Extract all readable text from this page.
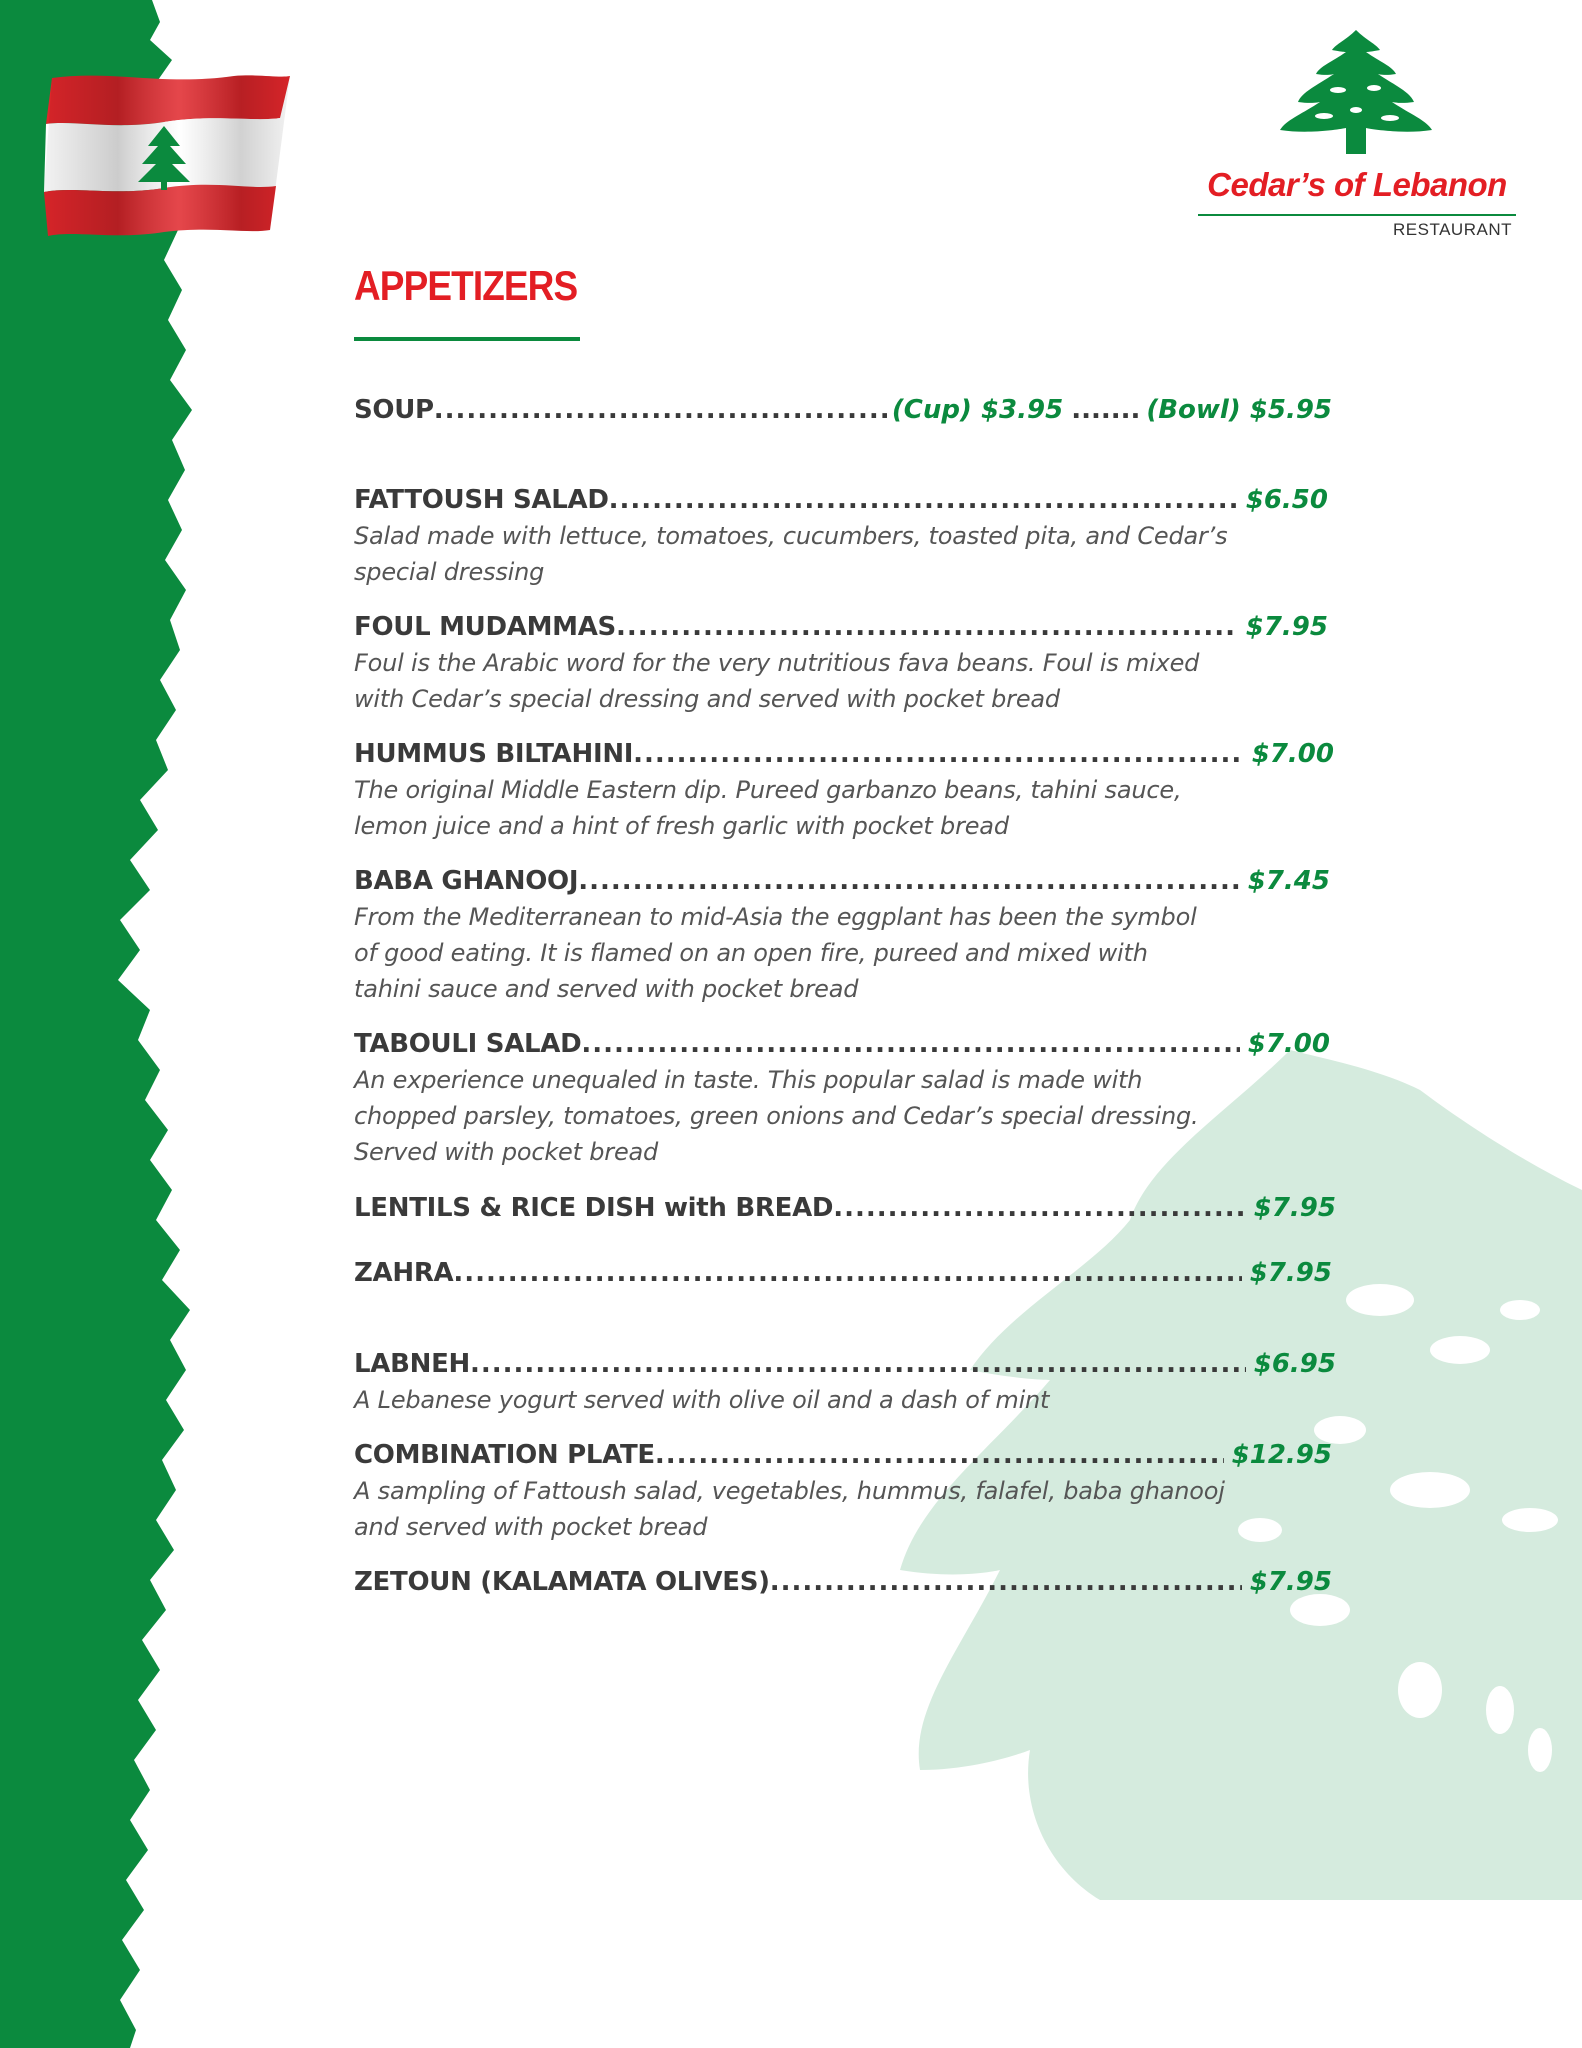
Cedar’s of Lebanon
RESTAURANT
APPETIZERS
SOUP .....	(Cup) $3.95 ....... (Bowl) $5.95
FATTOUSH SALAD .....	$6.50
Salad made with lettuce, tomatoes, cucumbers, toasted pita, and Cedar’s
special dressing
FOUL MUDAMMAS .....	$7.95
Foul is the Arabic word for the very nutritious fava beans. Foul is mixed
with Cedar’s special dressing and served with pocket bread
HUMMUS BILTAHINI .....	$7.00
The original Middle Eastern dip. Pureed garbanzo beans, tahini sauce,
lemon juice and a hint of fresh garlic with pocket bread
BABA GHANOOJ .....	$7.45
From the Mediterranean to mid-Asia the eggplant has been the symbol
of good eating. It is flamed on an open fire, pureed and mixed with
tahini sauce and served with pocket bread
TABOULI SALAD .....	$7.00
An experience unequaled in taste. This popular salad is made with
chopped parsley, tomatoes, green onions and Cedar’s special dressing.
Served with pocket bread
LENTILS & RICE DISH with BREAD .....	$7.95
ZAHRA .....	$7.95
LABNEH .....	$6.95
A Lebanese yogurt served with olive oil and a dash of mint
COMBINATION PLATE .....	$12.95
A sampling of Fattoush salad, vegetables, hummus, falafel, baba ghanooj
and served with pocket bread
ZETOUN (KALAMATA OLIVES) .....	$7.95
